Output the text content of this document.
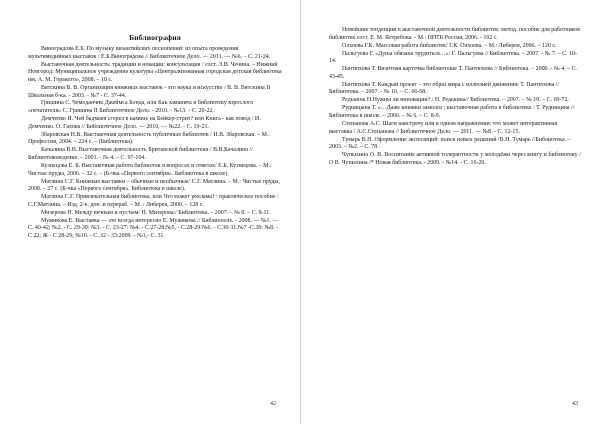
Библиография
Виноградова Е.Б. По музыку византийских песнопений: из опыта проведения мультимедийных выставок / Е.Б.Виноградова // Библиотечное Дело. — 2011. — №6. – С. 21-24.
Выставочная деятельность: традиции и новации: консультация / сост. Э.В. Чечина. – Нижний Новгород: Муниципальное учреждение культуры «Централизованная городская детская библиотека им. А. М. Горького», 2008. – 18 с.
Вятскина В. В. Организация книжных выставок - это наука и искусство / В. В. Вятскина II Школьная б-ка. - 2003. - №7 - С. 37-44.
Гришина С. Чемоданчик Джеймса Бонда, или Как заманить в библиотеку взрослого «печатателя» С. Гришина II Библиотечное Дело. - 2010. - №13. - С. 20-22.
Демченко И. Чей бадмаев сгорел в камине на Бейкер-стрит? или Книга - как повод / И. Демченко. О. Гахова // Библиотечное Дело. — 2010. — №22. - С. 19-21.
Збаровская Н.В. Выставочная деятельность публичных библиотек / Н.В. Збаровская. – М.: Профессия, 2004. – 224 с. – (Библиотека).
Качалина В.В. Выставочная деятельность Британской библиотеки / В.В.Качалина // Библиотековедение. – 2001. - № 4. – С. 97-104.
Кузнецова Е. Б. Выставочная работа библиотек в вопросах и ответах/ Е.Б. Кузнецова. – М.: Чистые пруды, 2006. – 32 с. – (Б-чка «Первого сентября». Библиотека в школе).
Матлина С.Г. Книжные выставки – обычные и необычные/ С.Г. Матлина. – М.: Чистые пруды, 2008. – 27 с. (Б-чка «Первого сентября». Библиотека в школе).
Матлина С.Г. Привлекательная библиотека, или Что может реклама? : практическое пособие / С.Г.Матлина. – Изд. 2-е, доп. и перераб. – М. : Либерея, 2000. – 128 с.
Мизерова Н. Между вечным и пустым/ Н. Мизерова// Библиотека. – 2007. – № 8. – С. 8-11.
Мужикова Е. Выставка — это всегда интересно Е. Мужикова // Библиополе. - 2008. — №1. — С. 40-42; №2. - С. 29-30: №3. - С. 23-27: №4. - С.27-28;№5, - С.28-29:№6. - С.30-31;№7 -С.30: №8. - С 22; Ж - С 28-29; №10. - С. 32 - 33:2009. - №1,- С. 31.
42
Новейшие тенденции в выставочной деятельности библиотек: метод. пособие для работников библиотек сост. Е. М. Ястребова. - М.: ПНТБ Россия, 2006. - 102 с.
Олхоева Г.К. Массовая работа библиотек/ Г.К. Олхоева. – М.: Либерея, 2006. – 120 с.
Пальгуева Г. «Душа обязана трудиться…»/ Г. Пальгуева // Библиотека. – 2007. - № 7. – С. 10-14.
Пантюхова Т. Визитная карточка библиотеки/ Т. Пантюхова // Библиотека. – 2000. - № 4. – С. 43-45.
Пантюхова Т. Каждый проект – это образ мира с иллюзией движения/ Т. Пантюхова // Библиотека. – 2007. - № 10. – С. 66-68.
Редькина Н.Нужны ли инновации? / Н. Редькина// Библиотека. – 2007. – № 10. – С. 69-72.
Рудницына Т. «…Даже книжки замолоз : выставочная работа в библиотеке / Т. Рудницина // Библиотека в школе. – 2000. – № 6. – С. 8-9.
Степанова А.С. Шаги навстречу или в одном направлении: что может интерактивная выставка / А.С.Степанова // Библиотечное Дело. — 2011. — №8. - С. 12-15.
Тумарь В.Н. Оформление экспозиций: поиск новых решений /В.Н. Тумарь //Библиотека. – 2003. – №2. – С. 78 .
Чупыхина О. В. Воспитание активной толерантности у молодёжи через книгу и библиотеку / О В. Чупыхина /* Новая библиотека. - 2009. - №14. - С. 16-20.
43
